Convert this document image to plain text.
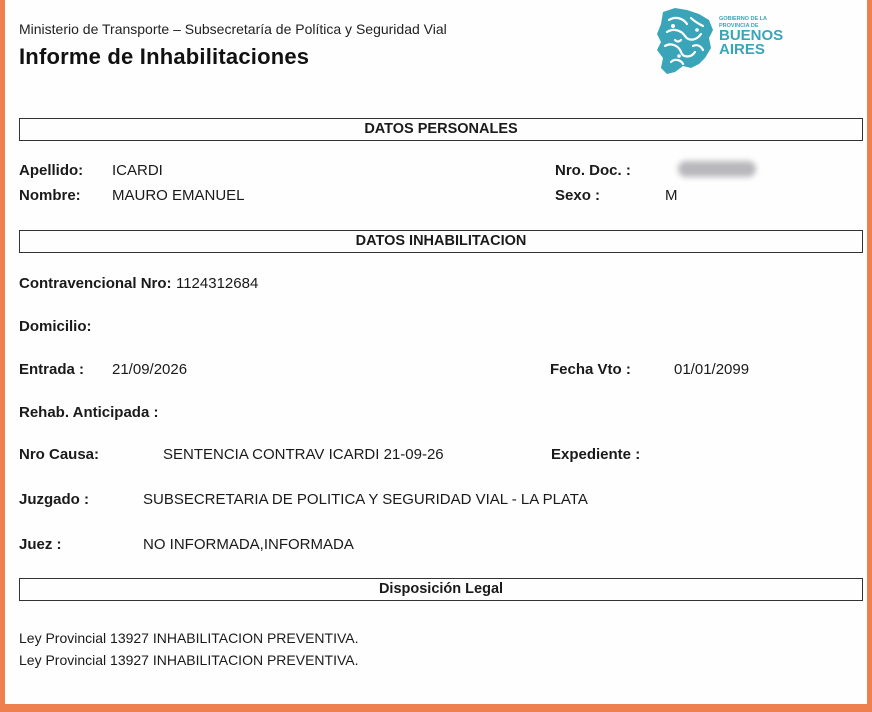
Ministerio de Transporte – Subsecretaría de Política y Seguridad Vial
Informe de Inhabilitaciones
GOBIERNO DE LA
PROVINCIA DE
BUENOS
AIRES
DATOS PERSONALES
Apellido: ICARDI
Nombre: MAURO EMANUEL
Nro. Doc. :
Sexo :	M
DATOS INHABILITACION
Contravencional Nro: 1124312684
Domicilio:
Entrada : 21/09/2026	Fecha Vto :	01/01/2099
Rehab. Anticipada :
Nro Causa:	SENTENCIA CONTRAV ICARDI 21-09-26	Expediente :
Juzgado :	SUBSECRETARIA DE POLITICA Y SEGURIDAD VIAL - LA PLATA
Juez :	NO INFORMADA,INFORMADA
Disposición Legal
Ley Provincial 13927 INHABILITACION PREVENTIVA.
Ley Provincial 13927 INHABILITACION PREVENTIVA.
